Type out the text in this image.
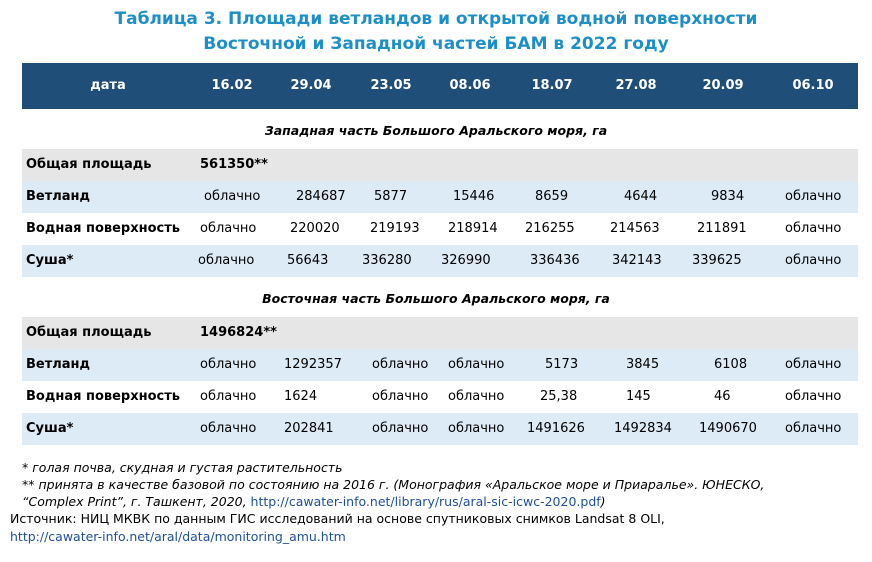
Таблица 3. Площади ветландов и открытой водной поверхности
Восточной и Западной частей БАМ в 2022 году
дата	16.02	29.04	23.05	08.06	18.07	27.08	20.09	06.10
Западная часть Большого Аральского моря, га
Общая площадь	561350**
Ветланд	облачно	284687 5877	15446	8659	4644	9834	облачно
Водная поверхность облачно	220020 219193 218914 216255	214563	211891	облачно
Суша*	облачно	56643	336280 326990	336436 342143 339625	облачно
Восточная часть Большого Аральского моря, га
Общая площадь	1496824**
Ветланд	облачно 1292357 облачно облачно	5173	3845	6108	облачно
Водная поверхность облачно 1624	облачно облачно	25,38	145	46	облачно
Суша*	облачно 202841	облачно облачно 1491626 1492834 1490670 облачно
* голая почва, скудная и густая растительность
** принята в качестве базовой по состоянию на 2016 г. (Монография «Аральское море и Приаралье». ЮНЕСКО,
“Complex Print”, г. Ташкент, 2020, http://cawater-info.net/library/rus/aral-sic-icwc-2020.pdf)
Источник: НИЦ МКВК по данным ГИС исследований на основе спутниковых снимков Landsat 8 OLI,
http://cawater-info.net/aral/data/monitoring_amu.htm
